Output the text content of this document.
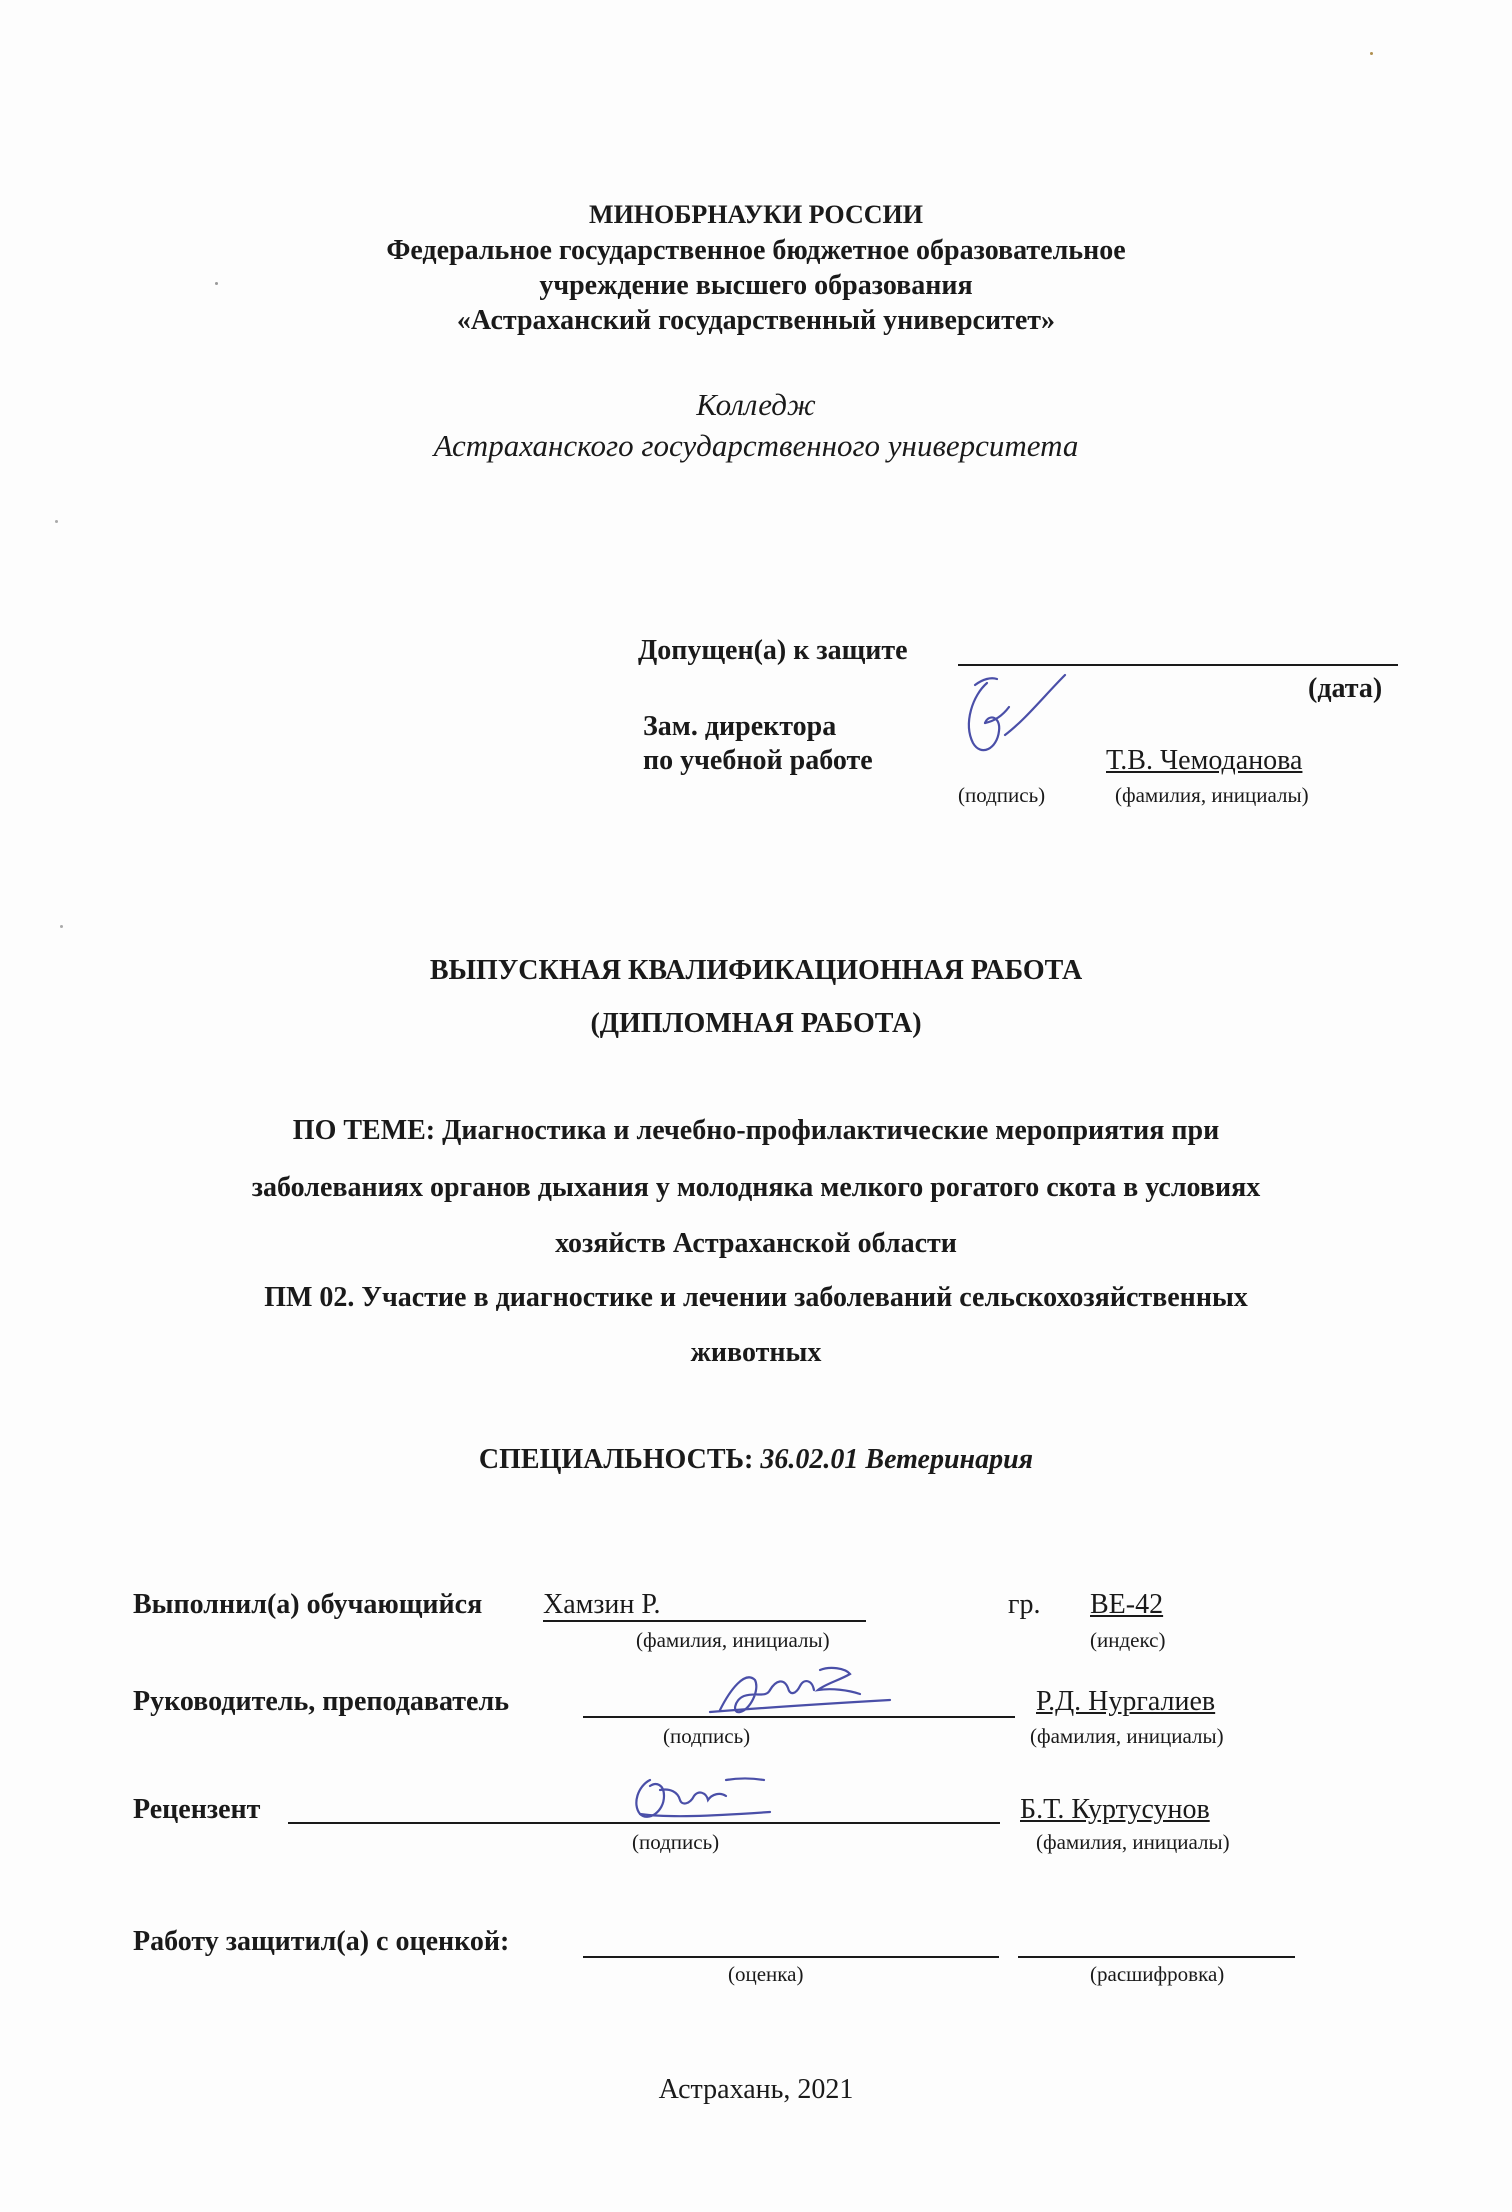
МИНОБРНАУКИ РОССИИ
Федеральное государственное бюджетное образовательное
учреждение высшего образования
«Астраханский государственный университет»
Колледж
Астраханского государственного университета
Допущен(а) к защите
(дата)
Зам. директора
по учебной работе
(подпись)
Т.В. Чемоданова
(фамилия, инициалы)
ВЫПУСКНАЯ КВАЛИФИКАЦИОННАЯ РАБОТА
(ДИПЛОМНАЯ РАБОТА)
ПО ТЕМЕ: Диагностика и лечебно-профилактические мероприятия при
заболеваниях органов дыхания у молодняка мелкого рогатого скота в условиях
хозяйств Астраханской области
ПМ 02. Участие в диагностике и лечении заболеваний сельскохозяйственных
животных
СПЕЦИАЛЬНОСТЬ: 36.02.01 Ветеринария
Выполнил(а) обучающийся Хамзин Р.
(фамилия, инициалы)
гр. ВЕ-42
(индекс)
Руководитель, преподаватель
(подпись)
Р.Д. Нургалиев
(фамилия, инициалы)
Рецензент
(подпись)
Б.Т. Куртусунов
(фамилия, инициалы)
Работу защитил(а) с оценкой:
(оценка)	(расшифровка)
Астрахань, 2021
